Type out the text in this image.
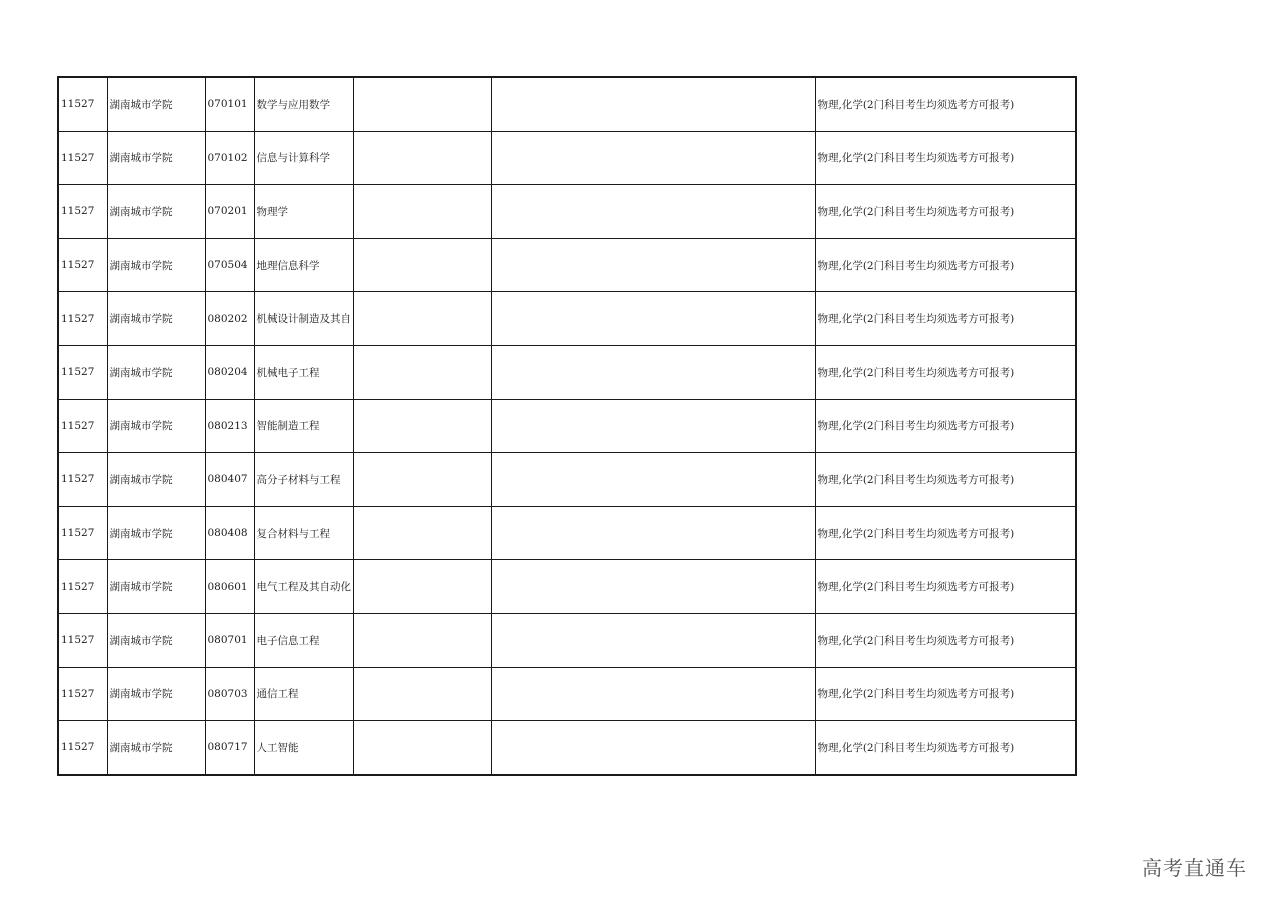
11527	湖南城市学院	070101	数学与应用数学			物理,化学(2门科目考生均须选考方可报考)
11527	湖南城市学院	070102	信息与计算科学			物理,化学(2门科目考生均须选考方可报考)
11527	湖南城市学院	070201	物理学			物理,化学(2门科目考生均须选考方可报考)
11527	湖南城市学院	070504	地理信息科学			物理,化学(2门科目考生均须选考方可报考)
11527	湖南城市学院	080202	机械设计制造及其自			物理,化学(2门科目考生均须选考方可报考)
11527	湖南城市学院	080204	机械电子工程			物理,化学(2门科目考生均须选考方可报考)
11527	湖南城市学院	080213	智能制造工程			物理,化学(2门科目考生均须选考方可报考)
11527	湖南城市学院	080407	高分子材料与工程			物理,化学(2门科目考生均须选考方可报考)
11527	湖南城市学院	080408	复合材料与工程			物理,化学(2门科目考生均须选考方可报考)
11527	湖南城市学院	080601	电气工程及其自动化			物理,化学(2门科目考生均须选考方可报考)
11527	湖南城市学院	080701	电子信息工程			物理,化学(2门科目考生均须选考方可报考)
11527	湖南城市学院	080703	通信工程			物理,化学(2门科目考生均须选考方可报考)
11527	湖南城市学院	080717	人工智能			物理,化学(2门科目考生均须选考方可报考)
高考直通车
